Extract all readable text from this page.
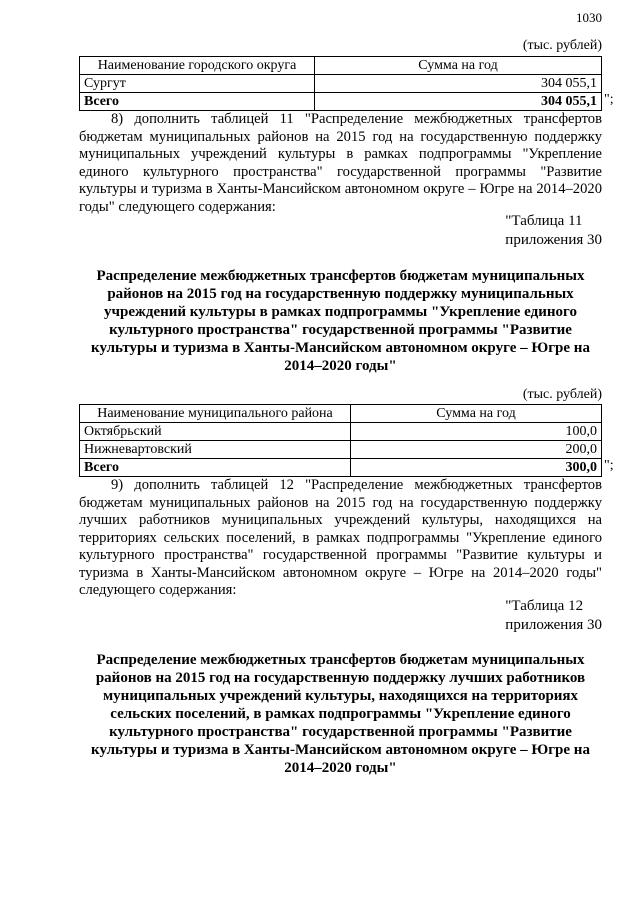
1030
(тыс. рублей)
Наименование городского округа	Сумма на год
Сургут	304 055,1
Всего	304 055,1 ";

8) дополнить таблицей 11 "Распределение межбюджетных трансфертов бюджетам муниципальных районов на 2015 год на государственную поддержку муниципальных учреждений культуры в рамках подпрограммы "Укрепление единого культурного пространства" государственной программы "Развитие культуры и туризма в Ханты-Мансийском автономном округе – Югре на 2014–2020 годы" следующего содержания:

"Таблица 11
приложения 30

Распределение межбюджетных трансфертов бюджетам муниципальных районов на 2015 год на государственную поддержку муниципальных учреждений культуры в рамках подпрограммы "Укрепление единого культурного пространства" государственной программы "Развитие культуры и туризма в Ханты-Мансийском автономном округе – Югре на 2014–2020 годы"

(тыс. рублей)
Наименование муниципального района	Сумма на год
Октябрьский	100,0
Нижневартовский	200,0
Всего	300,0 ";

9) дополнить таблицей 12 "Распределение межбюджетных трансфертов бюджетам муниципальных районов на 2015 год на государственную поддержку лучших работников муниципальных учреждений культуры, находящихся на территориях сельских поселений, в рамках подпрограммы "Укрепление единого культурного пространства" государственной программы "Развитие культуры и туризма в Ханты-Мансийском автономном округе – Югре на 2014–2020 годы" следующего содержания:

"Таблица 12
приложения 30

Распределение межбюджетных трансфертов бюджетам муниципальных районов на 2015 год на государственную поддержку лучших работников муниципальных учреждений культуры, находящихся на территориях сельских поселений, в рамках подпрограммы "Укрепление единого культурного пространства" государственной программы "Развитие культуры и туризма в Ханты-Мансийском автономном округе – Югре на 2014–2020 годы"
